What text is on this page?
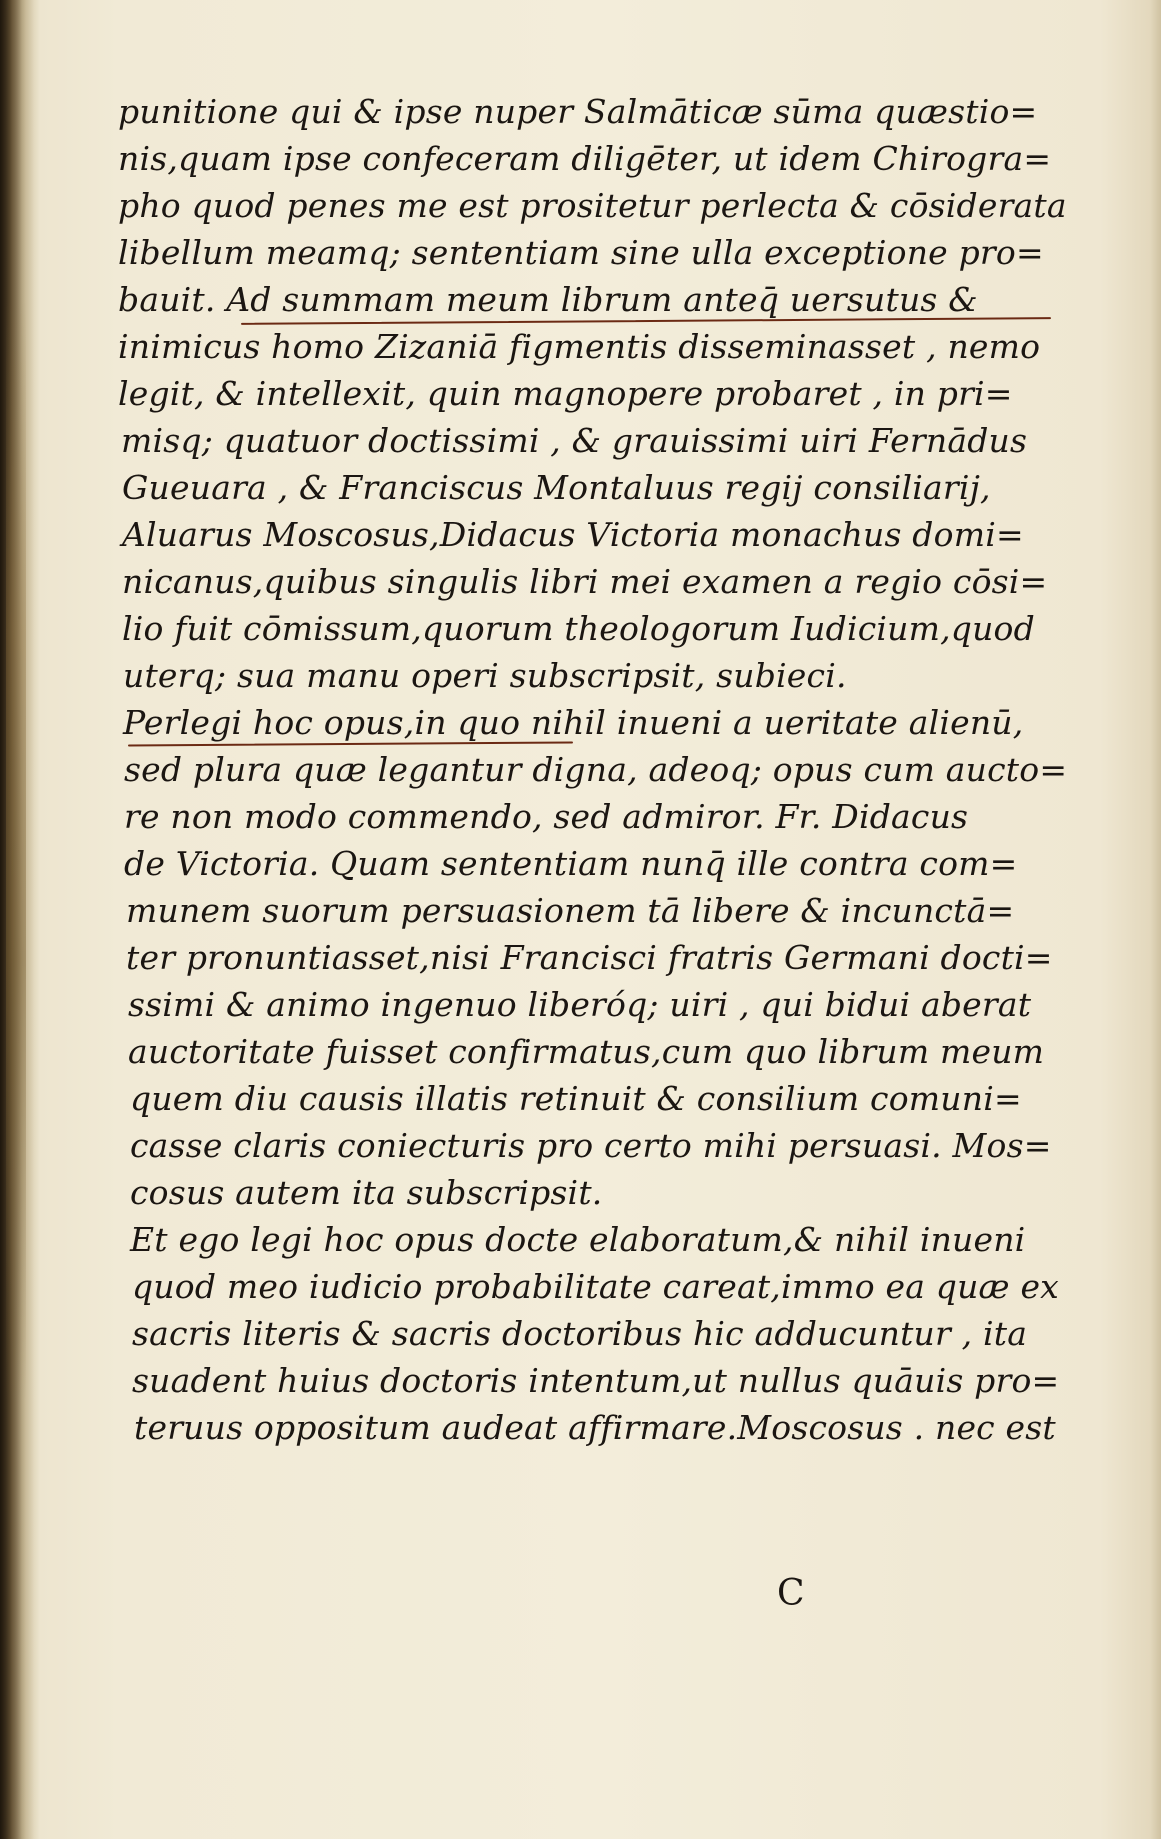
punitione qui & ipse nuper Salmāticæ sūma quæstio=
nis,quam ipse confeceram diligēter, ut idem Chirogra=
pho quod penes me est prositetur perlecta & cōsiderata
libellum meamq; sententiam sine ulla exceptione pro=
bauit. Ad summam meum librum anteq̄ uersutus &
inimicus homo Zizaniā figmentis disseminasset , nemo
legit, & intellexit, quin magnopere probaret , in pri=
misq; quatuor doctissimi , & grauissimi uiri Fernādus
Gueuara , & Franciscus Montaluus regij consiliarij,
Aluarus Moscosus,Didacus Victoria monachus domi=
nicanus,quibus singulis libri mei examen a regio cōsi=
lio fuit cōmissum,quorum theologorum Iudicium,quod
uterq; sua manu operi subscripsit, subieci.
Perlegi hoc opus,in quo nihil inueni a ueritate alienū,
sed plura quæ legantur digna, adeoq; opus cum aucto=
re non modo commendo, sed admiror. Fr. Didacus
de Victoria. Quam sententiam nunq̄ ille contra com=
munem suorum persuasionem tā libere & incunctā=
ter pronuntiasset,nisi Francisci fratris Germani docti=
ssimi & animo ingenuo liberóq; uiri , qui bidui aberat
auctoritate fuisset confirmatus,cum quo librum meum
quem diu causis illatis retinuit & consilium comuni=
casse claris coniecturis pro certo mihi persuasi. Mos=
cosus autem ita subscripsit.
Et ego legi hoc opus docte elaboratum,& nihil inueni
quod meo iudicio probabilitate careat,immo ea quæ ex
sacris literis & sacris doctoribus hic adducuntur , ita
suadent huius doctoris intentum,ut nullus quāuis pro=
teruus oppositum audeat affirmare.Moscosus . nec est
C
